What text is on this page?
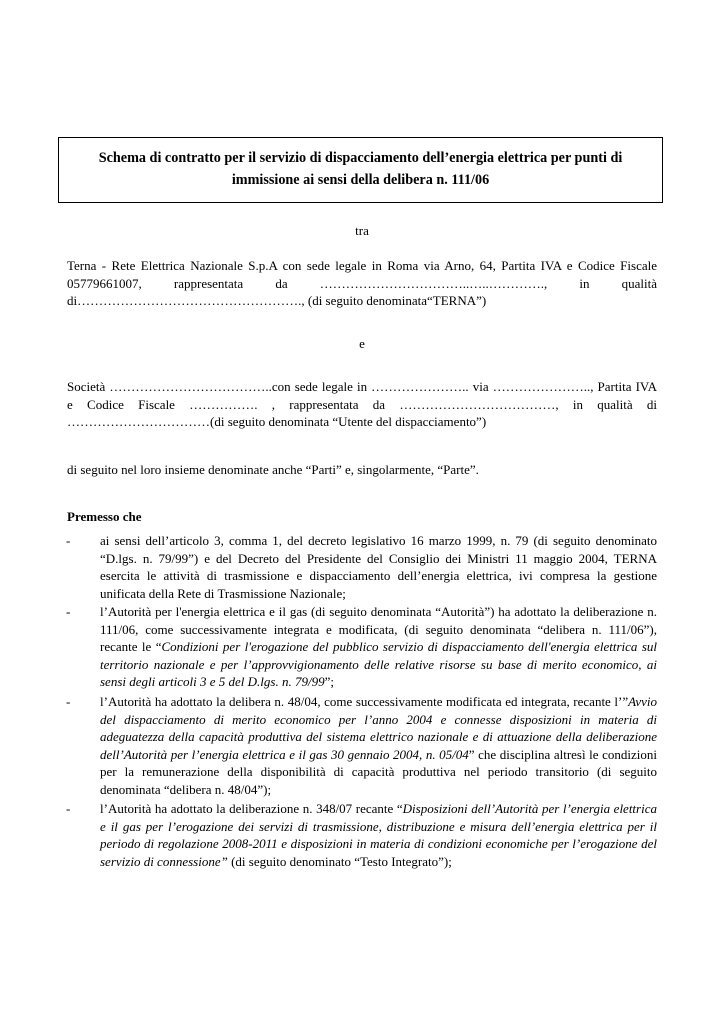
Schema di contratto per il servizio di dispacciamento dell’energia elettrica per punti di immissione ai sensi della delibera n. 111/06
tra
Terna - Rete Elettrica Nazionale S.p.A con sede legale in Roma via Arno, 64, Partita IVA e Codice Fiscale 05779661007, rappresentata da ……………………………..…..…………., in qualità di……………………………………………., (di seguito denominata“TERNA”)
e
Società ………………………………..con sede legale in ………………….. via ………………….., Partita IVA e Codice Fiscale ……………. , rappresentata da ………………………………, in qualità di ……………………………(di seguito denominata “Utente del dispacciamento”)
di seguito nel loro insieme denominate anche “Parti” e, singolarmente, “Parte”.
Premesso che
-	ai sensi dell’articolo 3, comma 1, del decreto legislativo 16 marzo 1999, n. 79 (di seguito denominato “D.lgs. n. 79/99”) e del Decreto del Presidente del Consiglio dei Ministri 11 maggio 2004, TERNA esercita le attività di trasmissione e dispacciamento dell’energia elettrica, ivi compresa la gestione unificata della Rete di Trasmissione Nazionale;
-	l’Autorità per l'energia elettrica e il gas (di seguito denominata “Autorità”) ha adottato la deliberazione n. 111/06, come successivamente integrata e modificata, (di seguito denominata “delibera n. 111/06”), recante le “Condizioni per l'erogazione del pubblico servizio di dispacciamento dell'energia elettrica sul territorio nazionale e per l’approvvigionamento delle relative risorse su base di merito economico, ai sensi degli articoli 3 e 5 del D.lgs. n. 79/99”;
-	l’Autorità ha adottato la delibera n. 48/04, come successivamente modificata ed integrata, recante l’”Avvio del dispacciamento di merito economico per l’anno 2004 e connesse disposizioni in materia di adeguatezza della capacità produttiva del sistema elettrico nazionale e di attuazione della deliberazione dell’Autorità per l’energia elettrica e il gas 30 gennaio 2004, n. 05/04” che disciplina altresì le condizioni per la remunerazione della disponibilità di capacità produttiva nel periodo transitorio (di seguito denominata “delibera n. 48/04”);
-	l’Autorità ha adottato la deliberazione n. 348/07 recante “Disposizioni dell’Autorità per l’energia elettrica e il gas per l’erogazione dei servizi di trasmissione, distribuzione e misura dell’energia elettrica per il periodo di regolazione 2008-2011 e disposizioni in materia di condizioni economiche per l’erogazione del servizio di connessione” (di seguito denominato “Testo Integrato”);
